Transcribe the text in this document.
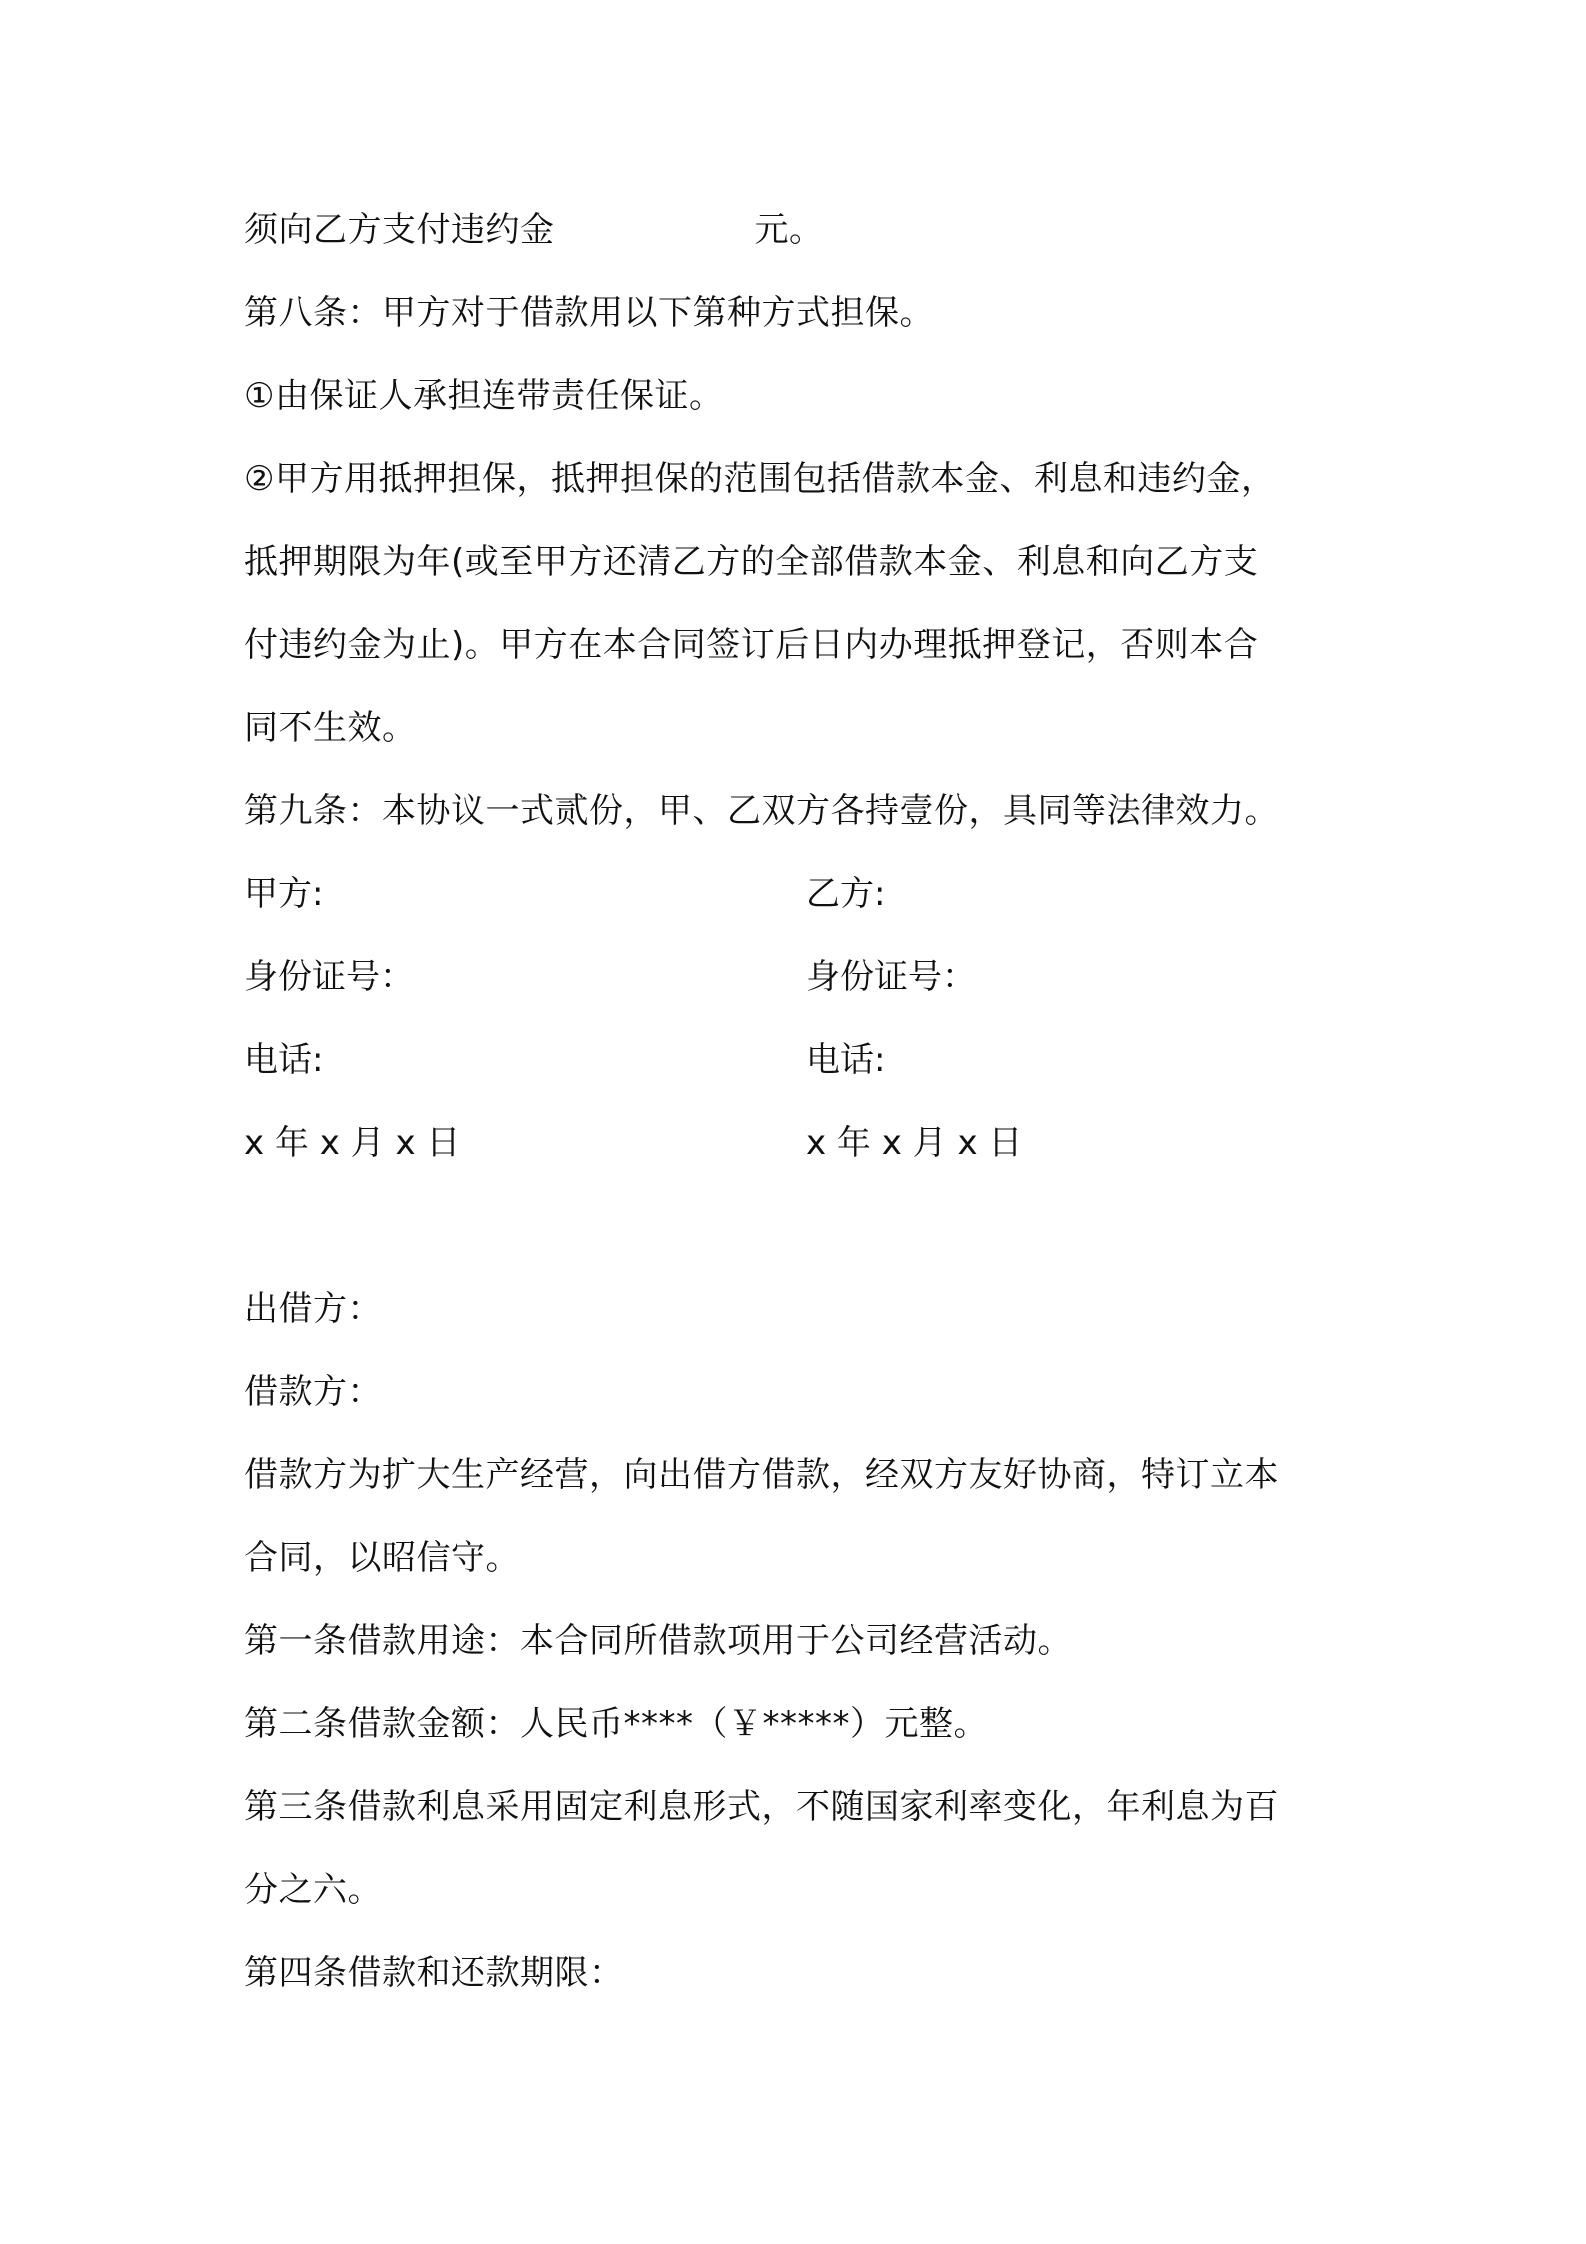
须向乙方支付违约金	元。
第八条：甲方对于借款用以下第种方式担保。
①由保证人承担连带责任保证。
②甲方用抵押担保，抵押担保的范围包括借款本金、利息和违约金，
抵押期限为年(或至甲方还清乙方的全部借款本金、利息和向乙方支
付违约金为止)。甲方在本合同签订后日内办理抵押登记，否则本合
同不生效。
第九条：本协议一式贰份，甲、乙双方各持壹份，具同等法律效力。
甲方:	乙方:
身份证号：	身份证号：
电话:	电话:
x 年 x 月 x 日	x 年 x 月 x 日
出借方：
借款方：
借款方为扩大生产经营，向出借方借款，经双方友好协商，特订立本
合同，以昭信守。
第一条借款用途：本合同所借款项用于公司经营活动。
第二条借款金额：人民币****（￥*****）元整。
第三条借款利息采用固定利息形式，不随国家利率变化，年利息为百
分之六。
第四条借款和还款期限：
